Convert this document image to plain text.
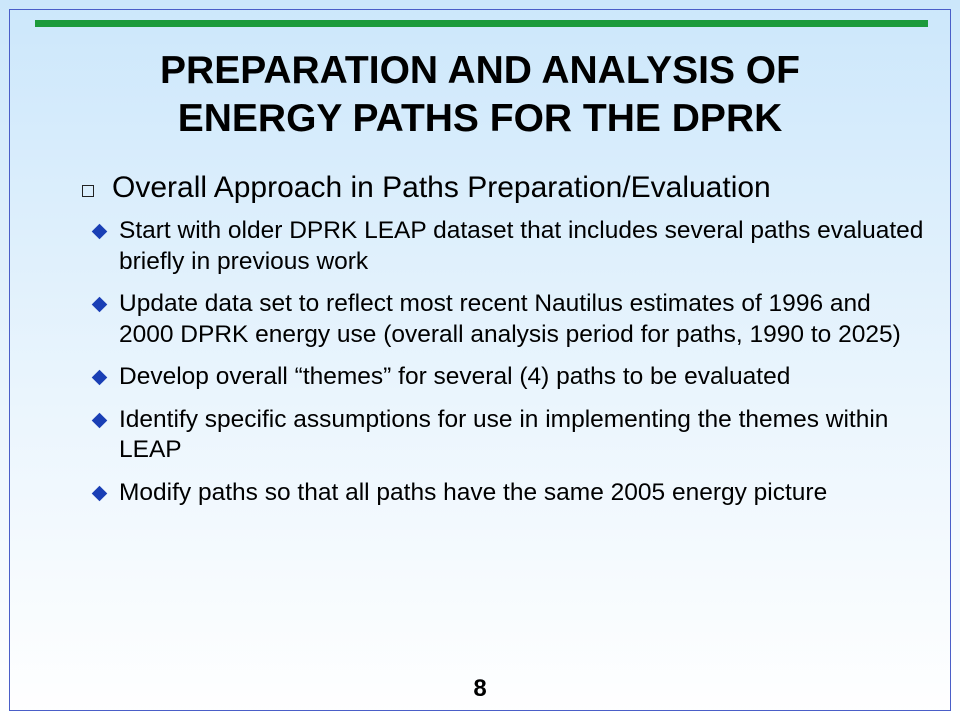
PREPARATION AND ANALYSIS OF
ENERGY PATHS FOR THE DPRK
Overall Approach in Paths Preparation/Evaluation
Start with older DPRK LEAP dataset that includes several paths evaluated briefly in previous work
Update data set to reflect most recent Nautilus estimates of 1996 and 2000 DPRK energy use (overall analysis period for paths, 1990 to 2025)
Develop overall “themes” for several (4) paths to be evaluated
Identify specific assumptions for use in implementing the themes within LEAP
Modify paths so that all paths have the same 2005 energy picture
8
